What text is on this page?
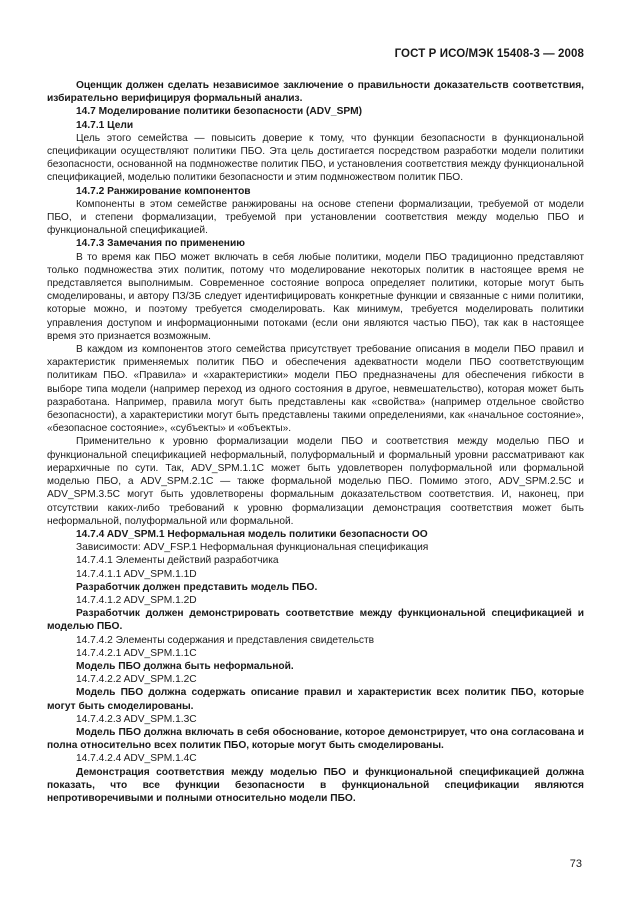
ГОСТ Р ИСО/МЭК 15408-3 — 2008

Оценщик должен сделать независимое заключение о правильности доказательств соответствия, избирательно верифицируя формальный анализ.

14.7 Моделирование политики безопасности (ADV_SPM)

14.7.1 Цели

Цель этого семейства — повысить доверие к тому, что функции безопасности в функциональной спецификации осуществляют политики ПБО. Эта цель достигается посредством разработки модели политики безопасности, основанной на подмножестве политик ПБО, и установления соответствия между функциональной спецификацией, моделью политики безопасности и этим подмножеством политик ПБО.

14.7.2 Ранжирование компонентов

Компоненты в этом семействе ранжированы на основе степени формализации, требуемой от модели ПБО, и степени формализации, требуемой при установлении соответствия между моделью ПБО и функциональной спецификацией.

14.7.3 Замечания по применению

В то время как ПБО может включать в себя любые политики, модели ПБО традиционно представляют только подмножества этих политик, потому что моделирование некоторых политик в настоящее время не представляется выполнимым. Современное состояние вопроса определяет политики, которые могут быть смоделированы, и автору ПЗ/ЗБ следует идентифицировать конкретные функции и связанные с ними политики, которые можно, и поэтому требуется смоделировать. Как минимум, требуется моделировать политики управления доступом и информационными потоками (если они являются частью ПБО), так как в настоящее время это признается возможным.

В каждом из компонентов этого семейства присутствует требование описания в модели ПБО правил и характеристик применяемых политик ПБО и обеспечения адекватности модели ПБО соответствующим политикам ПБО. «Правила» и «характеристики» модели ПБО предназначены для обеспечения гибкости в выборе типа модели (например переход из одного состояния в другое, невмешательство), которая может быть разработана. Например, правила могут быть представлены как «свойства» (например отдельное свойство безопасности), а характеристики могут быть представлены такими определениями, как «начальное состояние», «безопасное состояние», «субъекты» и «объекты».

Применительно к уровню формализации модели ПБО и соответствия между моделью ПБО и функциональной спецификацией неформальный, полуформальный и формальный уровни рассматривают как иерархичные по сути. Так, ADV_SPM.1.1C может быть удовлетворен полуформальной или формальной моделью ПБО, а ADV_SPM.2.1C — также формальной моделью ПБО. Помимо этого, ADV_SPM.2.5C и ADV_SPM.3.5C могут быть удовлетворены формальным доказательством соответствия. И, наконец, при отсутствии каких-либо требований к уровню формализации демонстрация соответствия может быть неформальной, полуформальной или формальной.

14.7.4 ADV_SPM.1 Неформальная модель политики безопасности ОО

Зависимости: ADV_FSP.1 Неформальная функциональная спецификация

14.7.4.1 Элементы действий разработчика

14.7.4.1.1 ADV_SPM.1.1D

Разработчик должен представить модель ПБО.

14.7.4.1.2 ADV_SPM.1.2D

Разработчик должен демонстрировать соответствие между функциональной спецификацией и моделью ПБО.

14.7.4.2 Элементы содержания и представления свидетельств

14.7.4.2.1 ADV_SPM.1.1C

Модель ПБО должна быть неформальной.

14.7.4.2.2 ADV_SPM.1.2C

Модель ПБО должна содержать описание правил и характеристик всех политик ПБО, которые могут быть смоделированы.

14.7.4.2.3 ADV_SPM.1.3C

Модель ПБО должна включать в себя обоснование, которое демонстрирует, что она согласована и полна относительно всех политик ПБО, которые могут быть смоделированы.

14.7.4.2.4 ADV_SPM.1.4C

Демонстрация соответствия между моделью ПБО и функциональной спецификацией должна показать, что все функции безопасности в функциональной спецификации являются непротиворечивыми и полными относительно модели ПБО.

73
